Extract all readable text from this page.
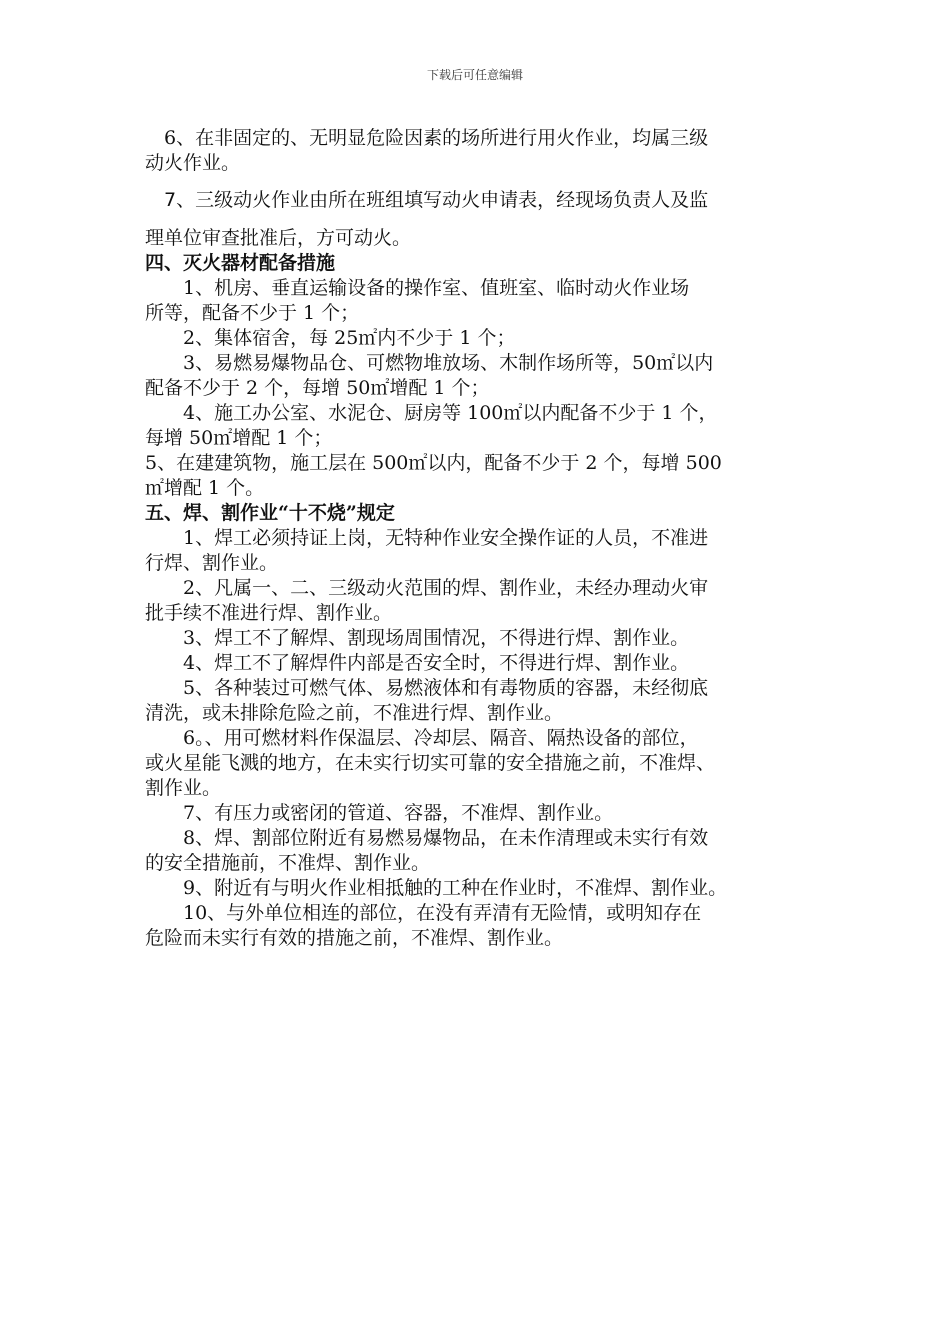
下载后可任意编辑

　6、在非固定的、无明显危险因素的场所进行用火作业，均属三级

动火作业。

　7、三级动火作业由所在班组填写动火申请表，经现场负责人及监

理单位审查批准后，方可动火。

四、灭火器材配备措施

　　1、机房、垂直运输设备的操作室、值班室、临时动火作业场

所等，配备不少于 1 个；

　　2、集体宿舍，每 25㎡内不少于 1 个；

　　3、易燃易爆物品仓、可燃物堆放场、木制作场所等，50㎡以内

配备不少于 2 个，每增 50㎡增配 1 个；

　　4、施工办公室、水泥仓、厨房等 100㎡以内配备不少于 1 个，

每增 50㎡增配 1 个；

5、在建建筑物，施工层在 500㎡以内，配备不少于 2 个，每增 500

㎡增配 1 个。

五、焊、割作业“十不烧”规定

　　1、焊工必须持证上岗，无特种作业安全操作证的人员，不准进

行焊、割作业。

　　2、凡属一、二、三级动火范围的焊、割作业，未经办理动火审

批手续不准进行焊、割作业。

　　3、焊工不了解焊、割现场周围情况，不得进行焊、割作业。

　　4、焊工不了解焊件内部是否安全时，不得进行焊、割作业。

　　5、各种装过可燃气体、易燃液体和有毒物质的容器，未经彻底

清洗，或未排除危险之前，不准进行焊、割作业。

　　6。、用可燃材料作保温层、冷却层、隔音、隔热设备的部位，

或火星能飞溅的地方，在未实行切实可靠的安全措施之前，不准焊、

割作业。

　　7、有压力或密闭的管道、容器，不准焊、割作业。

　　8、焊、割部位附近有易燃易爆物品，在未作清理或未实行有效

的安全措施前，不准焊、割作业。

　　9、附近有与明火作业相抵触的工种在作业时，不准焊、割作业。

　　10、与外单位相连的部位，在没有弄清有无险情，或明知存在

危险而未实行有效的措施之前，不准焊、割作业。
